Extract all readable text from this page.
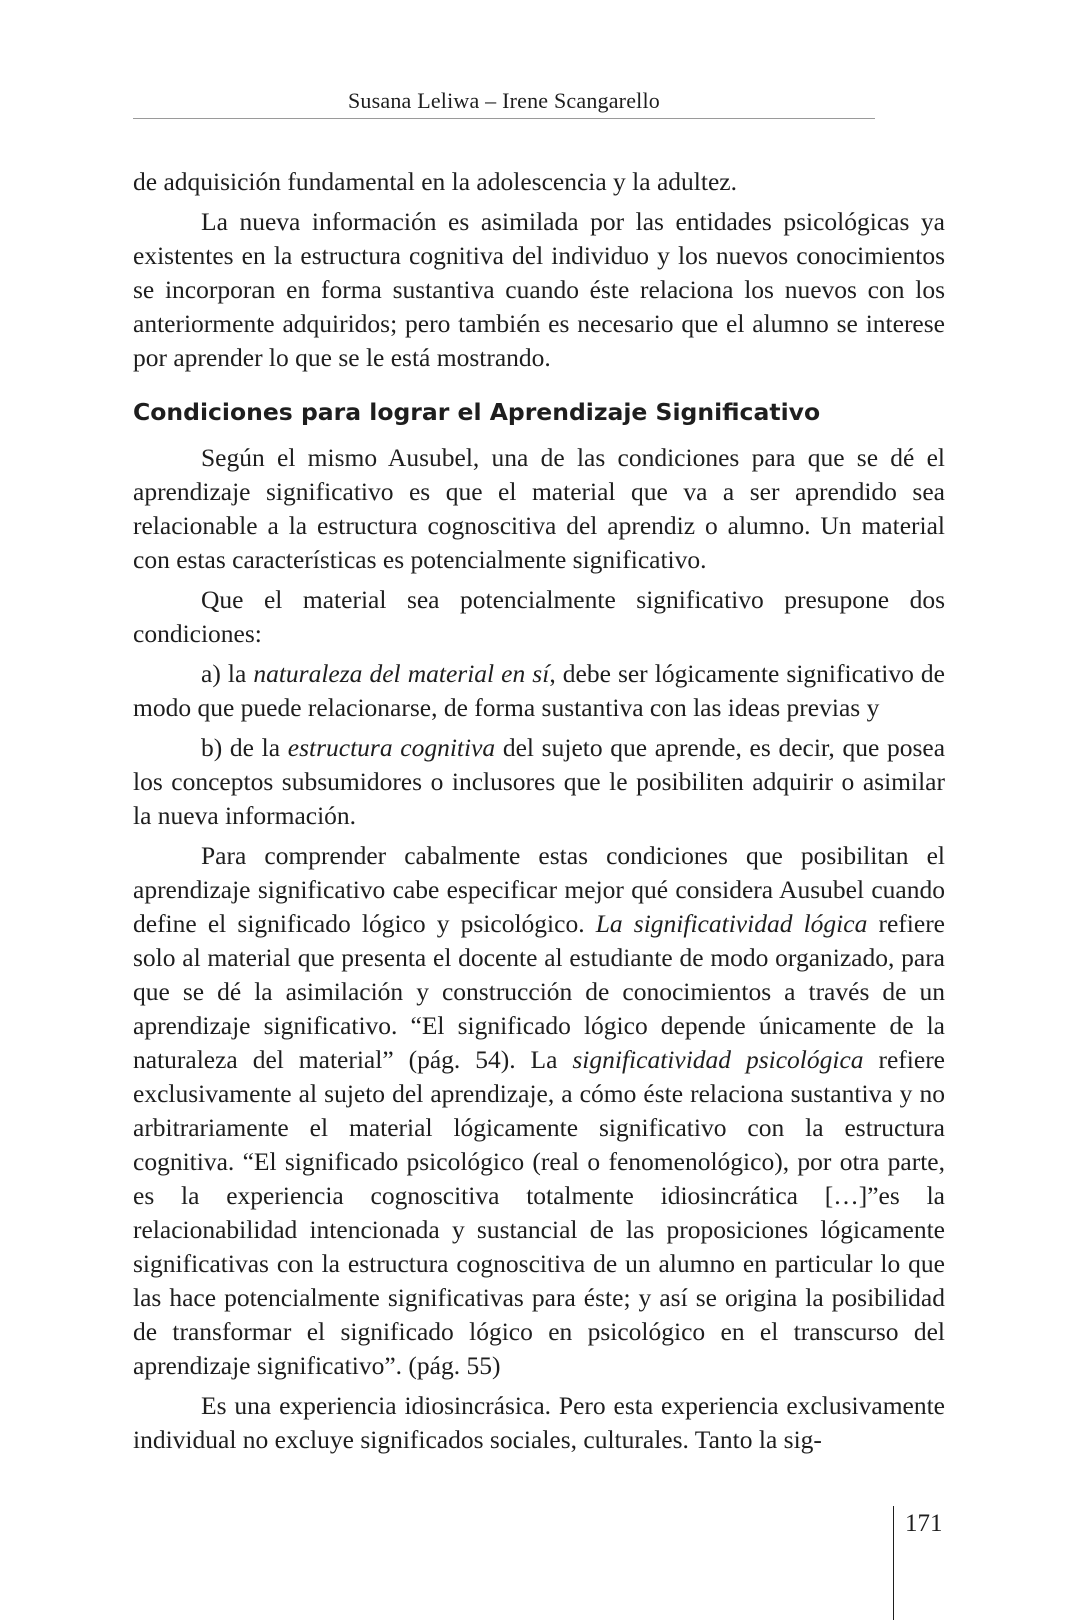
Susana Leliwa – Irene Scangarello

de adquisición fundamental en la adolescencia y la adultez.

La nueva información es asimilada por las entidades psicológicas ya existentes en la estructura cognitiva del individuo y los nuevos conocimientos se incorporan en forma sustantiva cuando éste relaciona los nuevos con los anteriormente adquiridos; pero también es necesario que el alumno se interese por aprender lo que se le está mostrando.

Condiciones para lograr el Aprendizaje Significativo

Según el mismo Ausubel, una de las condiciones para que se dé el aprendizaje significativo es que el material que va a ser aprendido sea relacionable a la estructura cognoscitiva del aprendiz o alumno. Un material con estas características es potencialmente significativo.

Que el material sea potencialmente significativo presupone dos condiciones:

a) la naturaleza del material en sí, debe ser lógicamente significativo de modo que puede relacionarse, de forma sustantiva con las ideas previas y

b) de la estructura cognitiva del sujeto que aprende, es decir, que posea los conceptos subsumidores o inclusores que le posibiliten adquirir o asimilar la nueva información.

Para comprender cabalmente estas condiciones que posibilitan el aprendizaje significativo cabe especificar mejor qué considera Ausubel cuando define el significado lógico y psicológico. La significatividad lógica refiere solo al material que presenta el docente al estudiante de modo organizado, para que se dé la asimilación y construcción de conocimientos a través de un aprendizaje significativo. “El significado lógico depende únicamente de la naturaleza del material” (pág. 54). La significatividad psicológica refiere exclusivamente al sujeto del aprendizaje, a cómo éste relaciona sustantiva y no arbitrariamente el material lógicamente significativo con la estructura cognitiva. “El significado psicológico (real o fenomenológico), por otra parte, es la experiencia cognoscitiva totalmente idiosincrática […]”es la relacionabilidad intencionada y sustancial de las proposiciones lógicamente significativas con la estructura cognoscitiva de un alumno en particular lo que las hace potencialmente significativas para éste; y así se origina la posibilidad de transformar el significado lógico en psicológico en el transcurso del aprendizaje significativo”. (pág. 55)

Es una experiencia idiosincrásica. Pero esta experiencia exclusivamente individual no excluye significados sociales, culturales. Tanto la sig-

171
